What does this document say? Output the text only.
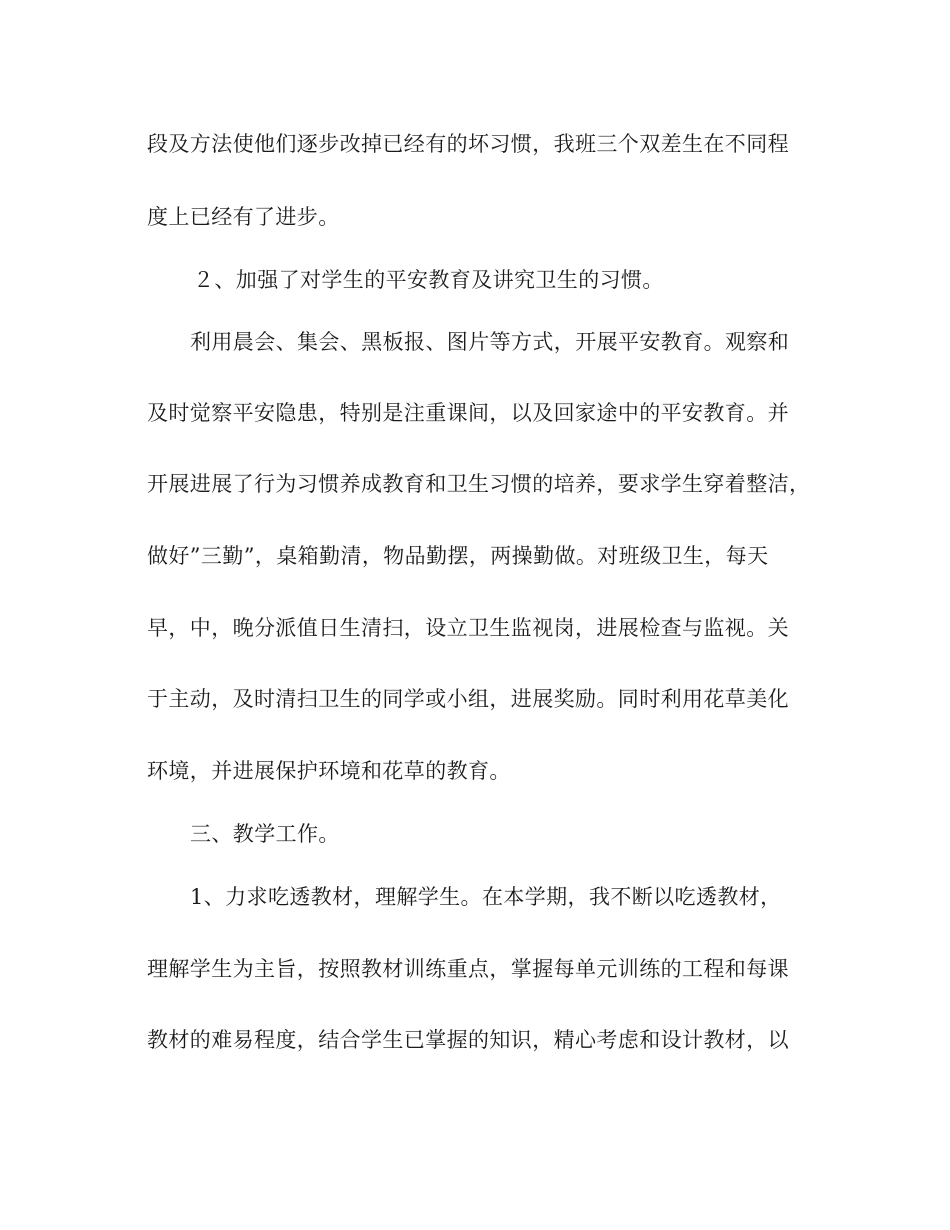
段及方法使他们逐步改掉已经有的坏习惯，我班三个双差生在不同程
度上已经有了进步。
２、加强了对学生的平安教育及讲究卫生的习惯。
利用晨会、集会、黑板报、图片等方式，开展平安教育。观察和
及时觉察平安隐患，特别是注重课间，以及回家途中的平安教育。并
开展进展了行为习惯养成教育和卫生习惯的培养，要求学生穿着整洁，
做好”三勤”，桌箱勤清，物品勤摆，两操勤做。对班级卫生，每天
早，中，晚分派值日生清扫，设立卫生监视岗，进展检查与监视。关
于主动，及时清扫卫生的同学或小组，进展奖励。同时利用花草美化
环境，并进展保护环境和花草的教育。
三、教学工作。
1、力求吃透教材，理解学生。在本学期，我不断以吃透教材，
理解学生为主旨，按照教材训练重点，掌握每单元训练的工程和每课
教材的难易程度，结合学生已掌握的知识，精心考虑和设计教材，以
